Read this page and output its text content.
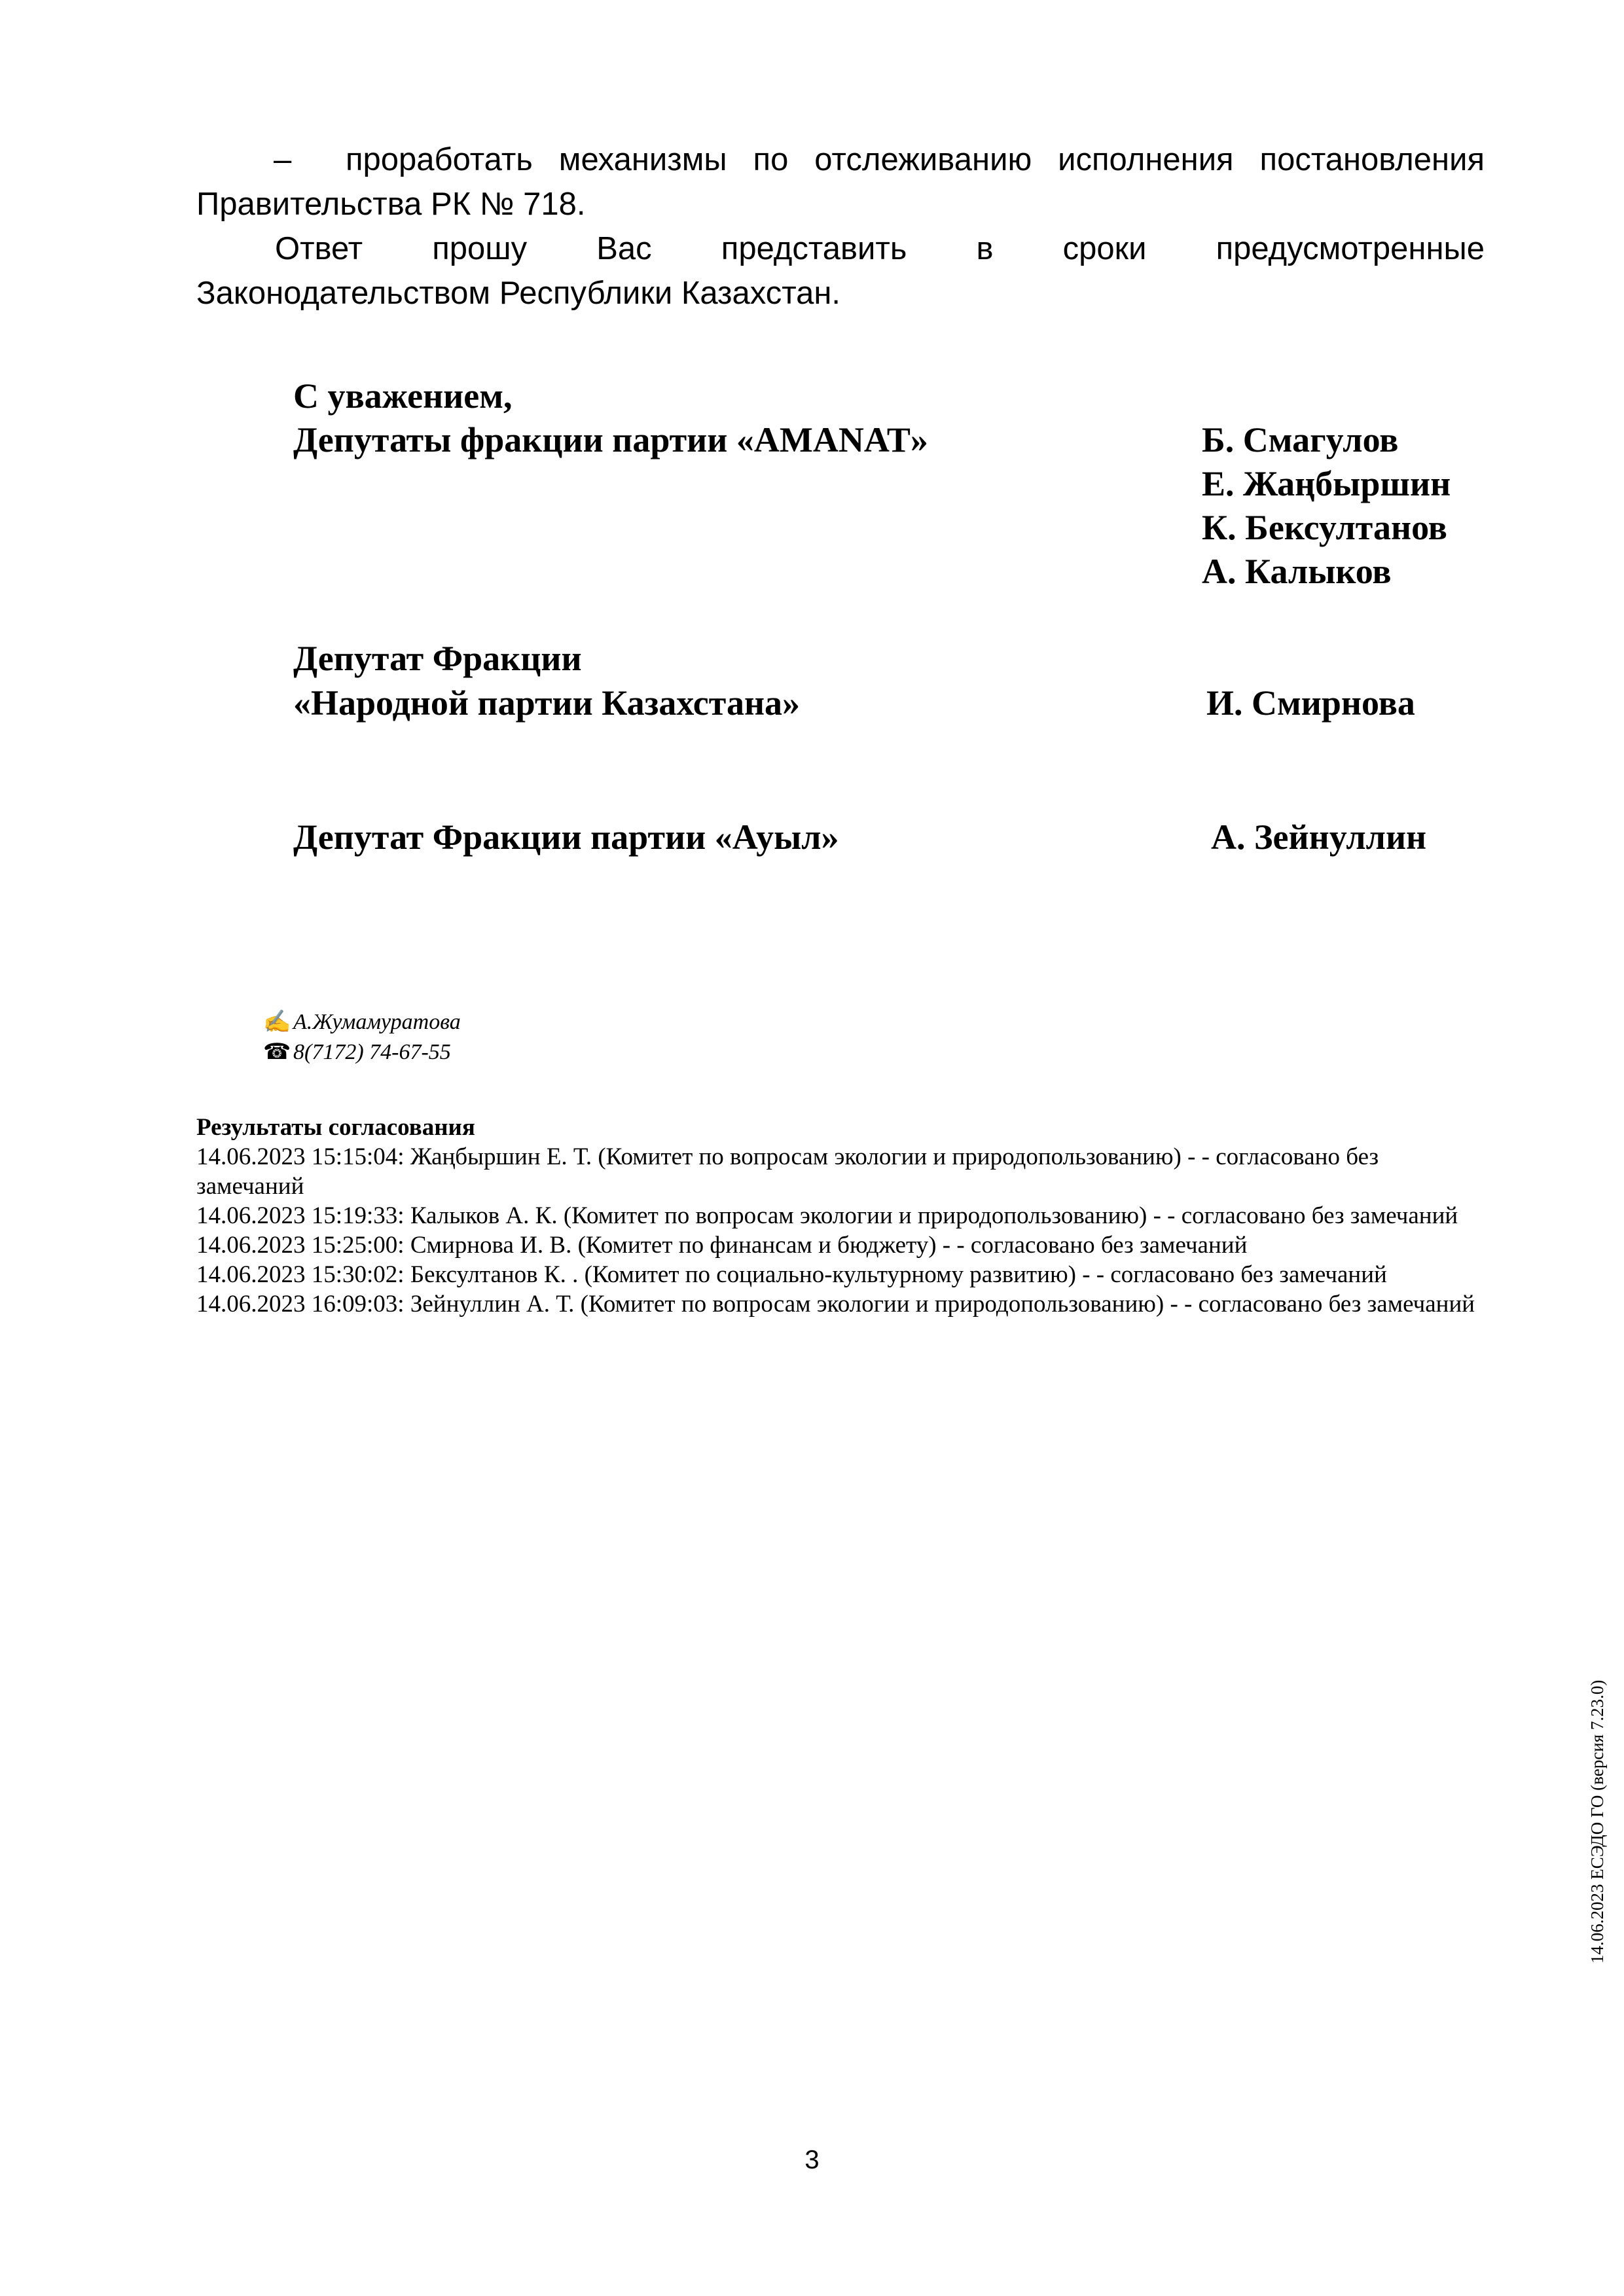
– проработать механизмы по отслеживанию исполнения постановления Правительства РК № 718.

Ответ прошу Вас представить в сроки предусмотренные

Законодательством Республики Казахстан.

С уважением,
Депутаты фракции партии «AMANAT»	Б. Смагулов
Е. Жаңбыршин
К. Бексултанов
А. Калыков
Депутат Фракции
«Народной партии Казахстана»	И. Смирнова
Депутат Фракции партии «Ауыл»	А. Зейнуллин
✍ А.Жумамуратова
☎ 8(7172) 74-67-55
Результаты согласования
14.06.2023 15:15:04: Жаңбыршин Е. Т. (Комитет по вопросам экологии и природопользованию) - - согласовано без замечаний
14.06.2023 15:19:33: Калыков А. К. (Комитет по вопросам экологии и природопользованию) - - согласовано без замечаний
14.06.2023 15:25:00: Смирнова И. В. (Комитет по финансам и бюджету) - - согласовано без замечаний
14.06.2023 15:30:02: Бексултанов К. . (Комитет по социально-культурному развитию) - - согласовано без замечаний
14.06.2023 16:09:03: Зейнуллин А. Т. (Комитет по вопросам экологии и природопользованию) - - согласовано без замечаний
14.06.2023 ЕСЭДО ГО (версия 7.23.0)
3
